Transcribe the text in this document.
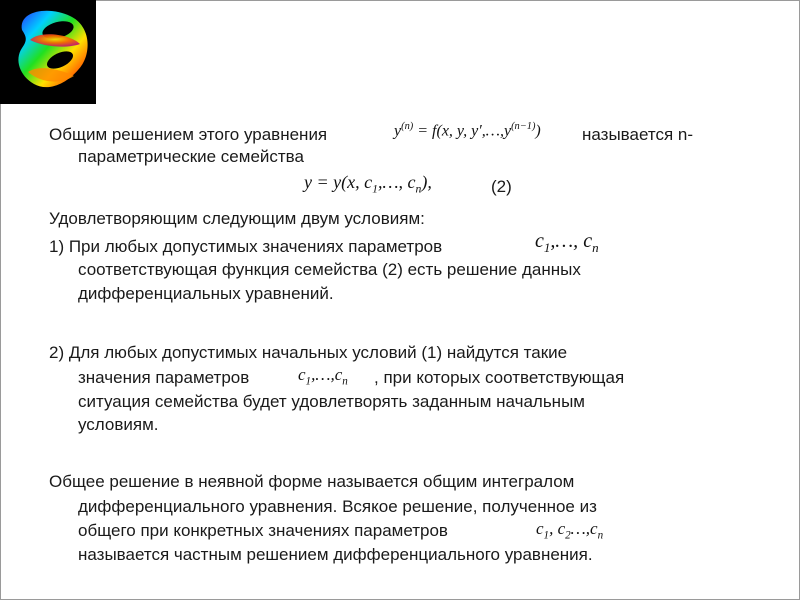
Общим решением этого уравнения	$y^{(n)} = f(x$, y, $y',\dots,y^{(n-1)}$) называется n-
параметрические семейства
y = y(x, $c_1,\dots$, $c_n$),	(2)
Удовлетворяющим следующим двум условиям:
1) При любых допустимых значениях параметров	$c_1,\dots$, $c_n$
соответствующая функция семейства (2) есть решение данных
дифференциальных уравнений.
2) Для любых допустимых начальных условий (1) найдутся такие
значения параметров	$c_1,\dots,c_n$ , при которых соответствующая
ситуация семейства будет удовлетворять заданным начальным
условиям.
Общее решение в неявной форме называется общим интегралом
дифференциального уравнения. Всякое решение, полученное из
общего при конкретных значениях параметров	$c_1$, $c_2\dots,c_n$
называется частным решением дифференциального уравнения.
